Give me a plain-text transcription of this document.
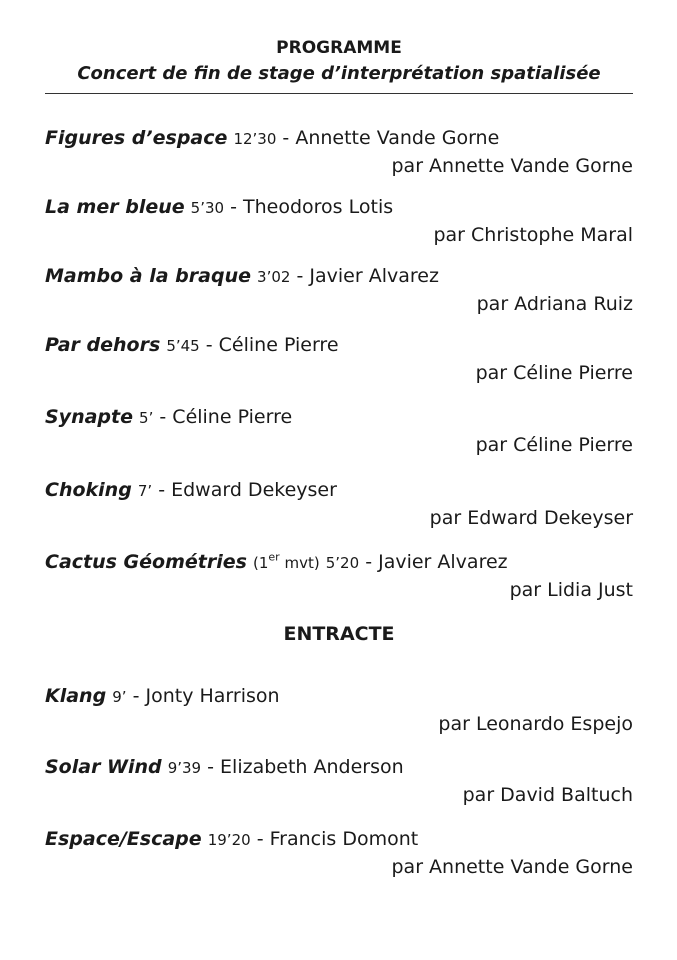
PROGRAMME
Concert de fin de stage d’interprétation spatialisée
Figures d’espace 12’30 - Annette Vande Gorne
par Annette Vande Gorne
La mer bleue 5’30 - Theodoros Lotis
par Christophe Maral
Mambo à la braque 3’02 - Javier Alvarez
par Adriana Ruiz
Par dehors 5’45 - Céline Pierre
par Céline Pierre
Synapte 5’ - Céline Pierre
par Céline Pierre
Choking 7’ - Edward Dekeyser
par Edward Dekeyser
Cactus Géométries (1er mvt) 5’20 - Javier Alvarez
par Lidia Just
ENTRACTE
Klang 9’ - Jonty Harrison
par Leonardo Espejo
Solar Wind 9’39 - Elizabeth Anderson
par David Baltuch
Espace/Escape 19’20 - Francis Domont
par Annette Vande Gorne
